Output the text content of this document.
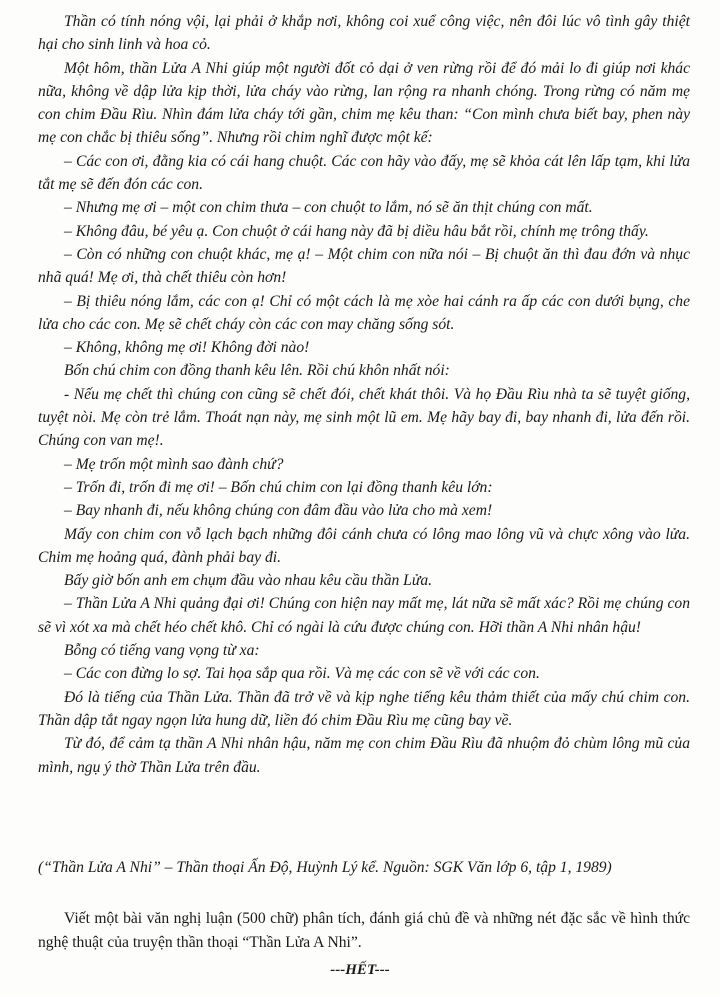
Thần có tính nóng vội, lại phải ở khắp nơi, không coi xuể công việc, nên đôi lúc vô tình gây thiệt hại cho sinh linh và hoa cỏ.

Một hôm, thần Lửa A Nhi giúp một người đốt cỏ dại ở ven rừng rồi để đó mải lo đi giúp nơi khác nữa, không về dập lửa kịp thời, lửa cháy vào rừng, lan rộng ra nhanh chóng. Trong rừng có năm mẹ con chim Đầu Rìu. Nhìn đám lửa cháy tới gần, chim mẹ kêu than: “Con mình chưa biết bay, phen này mẹ con chắc bị thiêu sống”. Nhưng rồi chim nghĩ được một kế:

– Các con ơi, đằng kia có cái hang chuột. Các con hãy vào đấy, mẹ sẽ khỏa cát lên lấp tạm, khi lửa tắt mẹ sẽ đến đón các con.

– Nhưng mẹ ơi – một con chim thưa – con chuột to lắm, nó sẽ ăn thịt chúng con mất.

– Không đâu, bé yêu ạ. Con chuột ở cái hang này đã bị diều hâu bắt rồi, chính mẹ trông thấy.

– Còn có những con chuột khác, mẹ ạ! – Một chim con nữa nói – Bị chuột ăn thì đau đớn và nhục nhã quá! Mẹ ơi, thà chết thiêu còn hơn!

– Bị thiêu nóng lắm, các con ạ! Chỉ có một cách là mẹ xòe hai cánh ra ấp các con dưới bụng, che lửa cho các con. Mẹ sẽ chết cháy còn các con may chăng sống sót.

– Không, không mẹ ơi! Không đời nào!

Bốn chú chim con đồng thanh kêu lên. Rồi chú khôn nhất nói:

- Nếu mẹ chết thì chúng con cũng sẽ chết đói, chết khát thôi. Và họ Đầu Rìu nhà ta sẽ tuyệt giống, tuyệt nòi. Mẹ còn trẻ lắm. Thoát nạn này, mẹ sinh một lũ em. Mẹ hãy bay đi, bay nhanh đi, lửa đến rồi. Chúng con van mẹ!.

– Mẹ trốn một mình sao đành chứ?

– Trốn đi, trốn đi mẹ ơi! – Bốn chú chim con lại đồng thanh kêu lớn:

– Bay nhanh đi, nếu không chúng con đâm đầu vào lửa cho mà xem!

Mấy con chim con vỗ lạch bạch những đôi cánh chưa có lông mao lông vũ và chực xông vào lửa. Chim mẹ hoảng quá, đành phải bay đi.

Bấy giờ bốn anh em chụm đầu vào nhau kêu cầu thần Lửa.

– Thần Lửa A Nhi quảng đại ơi! Chúng con hiện nay mất mẹ, lát nữa sẽ mất xác? Rồi mẹ chúng con sẽ vì xót xa mà chết héo chết khô. Chỉ có ngài là cứu được chúng con. Hỡi thần A Nhi nhân hậu!

Bỗng có tiếng vang vọng từ xa:

– Các con đừng lo sợ. Tai họa sắp qua rồi. Và mẹ các con sẽ về với các con.

Đó là tiếng của Thần Lửa. Thần đã trở về và kịp nghe tiếng kêu thảm thiết của mấy chú chim con. Thần dập tắt ngay ngọn lửa hung dữ, liền đó chim Đầu Rìu mẹ cũng bay về.

Từ đó, để cảm tạ thần A Nhi nhân hậu, năm mẹ con chim Đầu Rìu đã nhuộm đỏ chùm lông mũ của mình, ngụ ý thờ Thần Lửa trên đầu.

(“Thần Lửa A Nhi” – Thần thoại Ấn Độ, Huỳnh Lý kể. Nguồn: SGK Văn lớp 6, tập 1, 1989)

Viết một bài văn nghị luận (500 chữ) phân tích, đánh giá chủ đề và những nét đặc sắc về hình thức nghệ thuật của truyện thần thoại “Thần Lửa A Nhi”.

---HẾT---
